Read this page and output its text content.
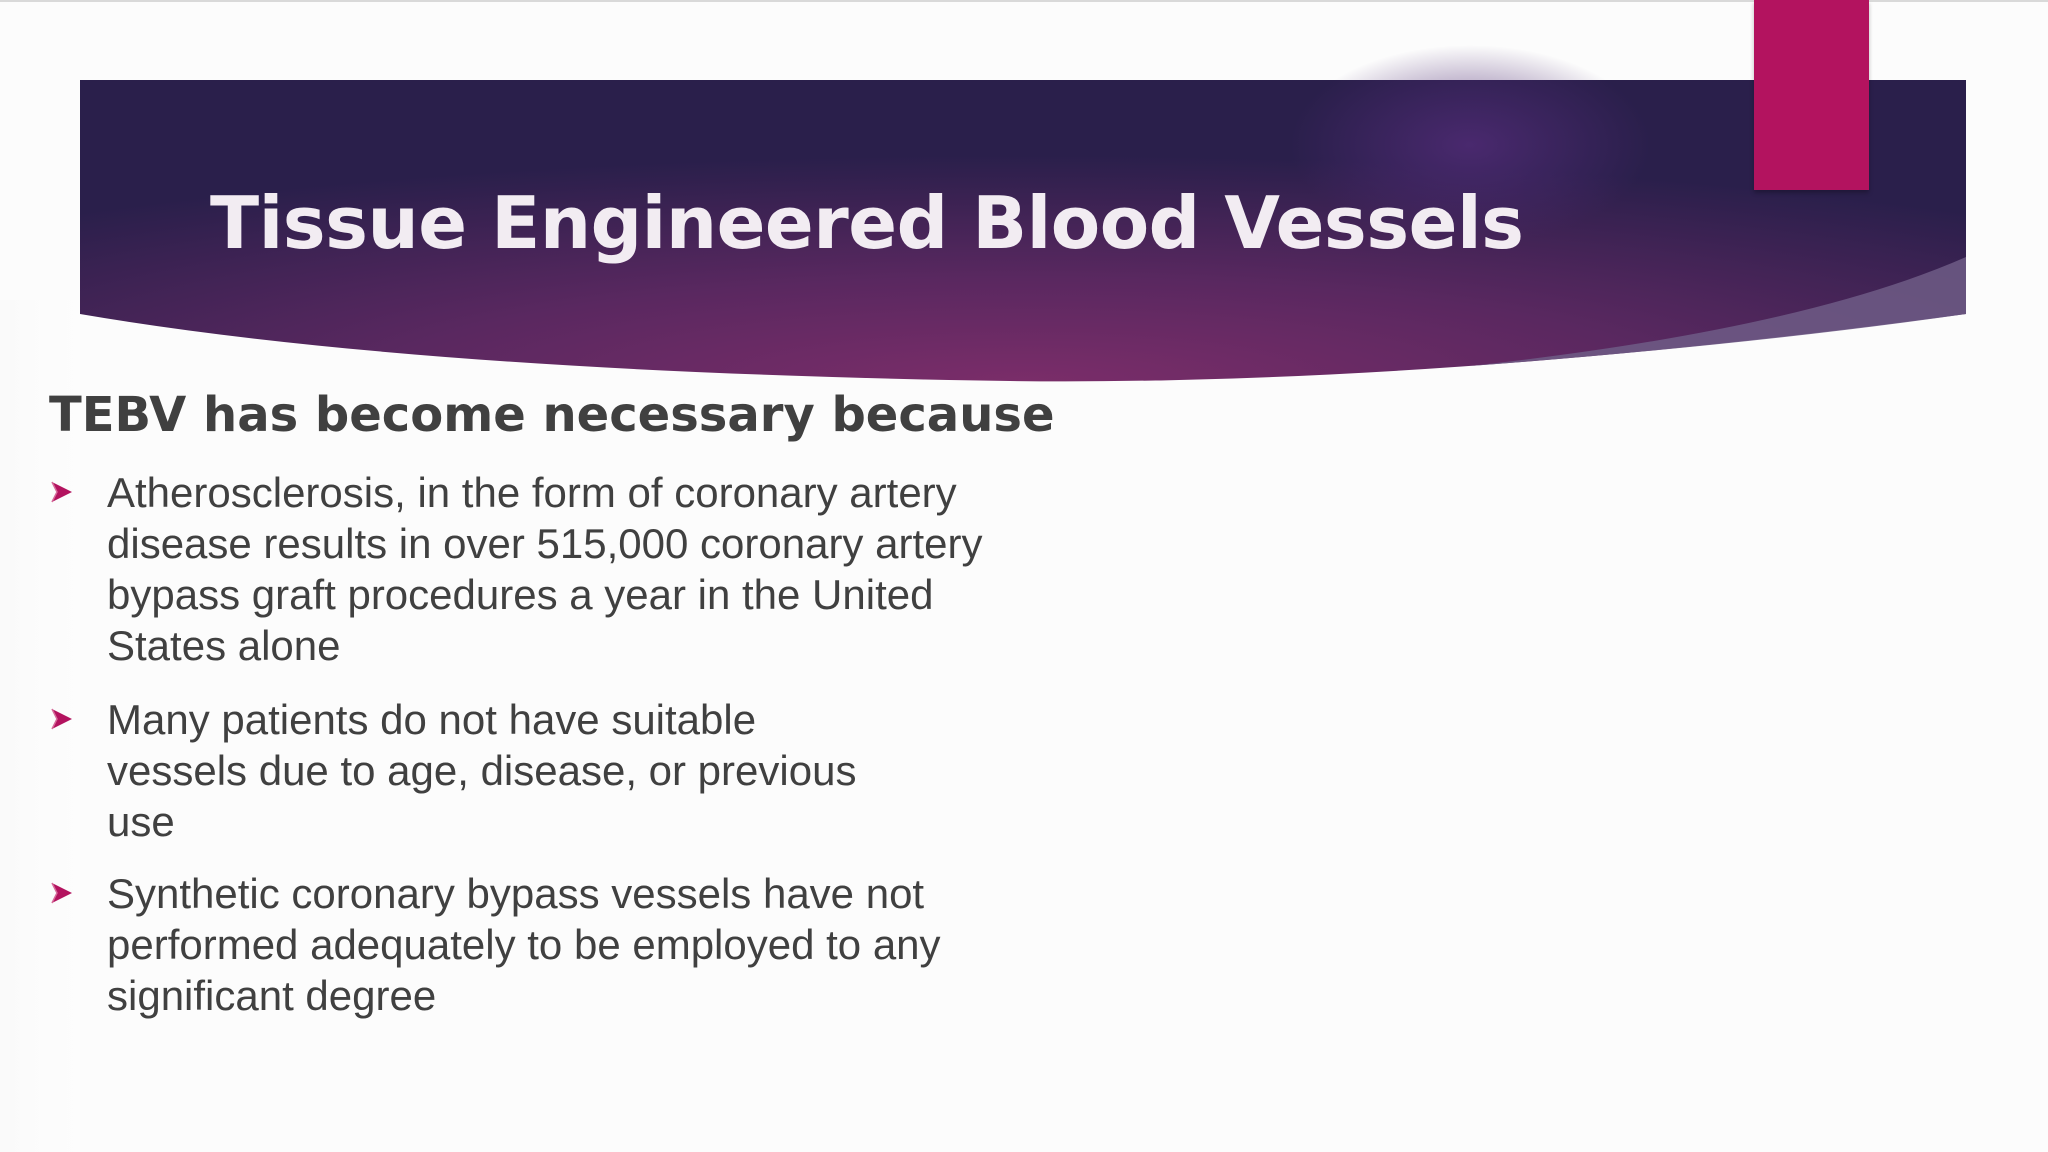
Tissue Engineered Blood Vessels
TEBV has become necessary because

Atherosclerosis, in the form of coronary artery
disease results in over 515,000 coronary artery
bypass graft procedures a year in the United
States alone

Many patients do not have suitable
vessels due to age, disease, or previous
use

Synthetic coronary bypass vessels have not
performed adequately to be employed to any
significant degree
